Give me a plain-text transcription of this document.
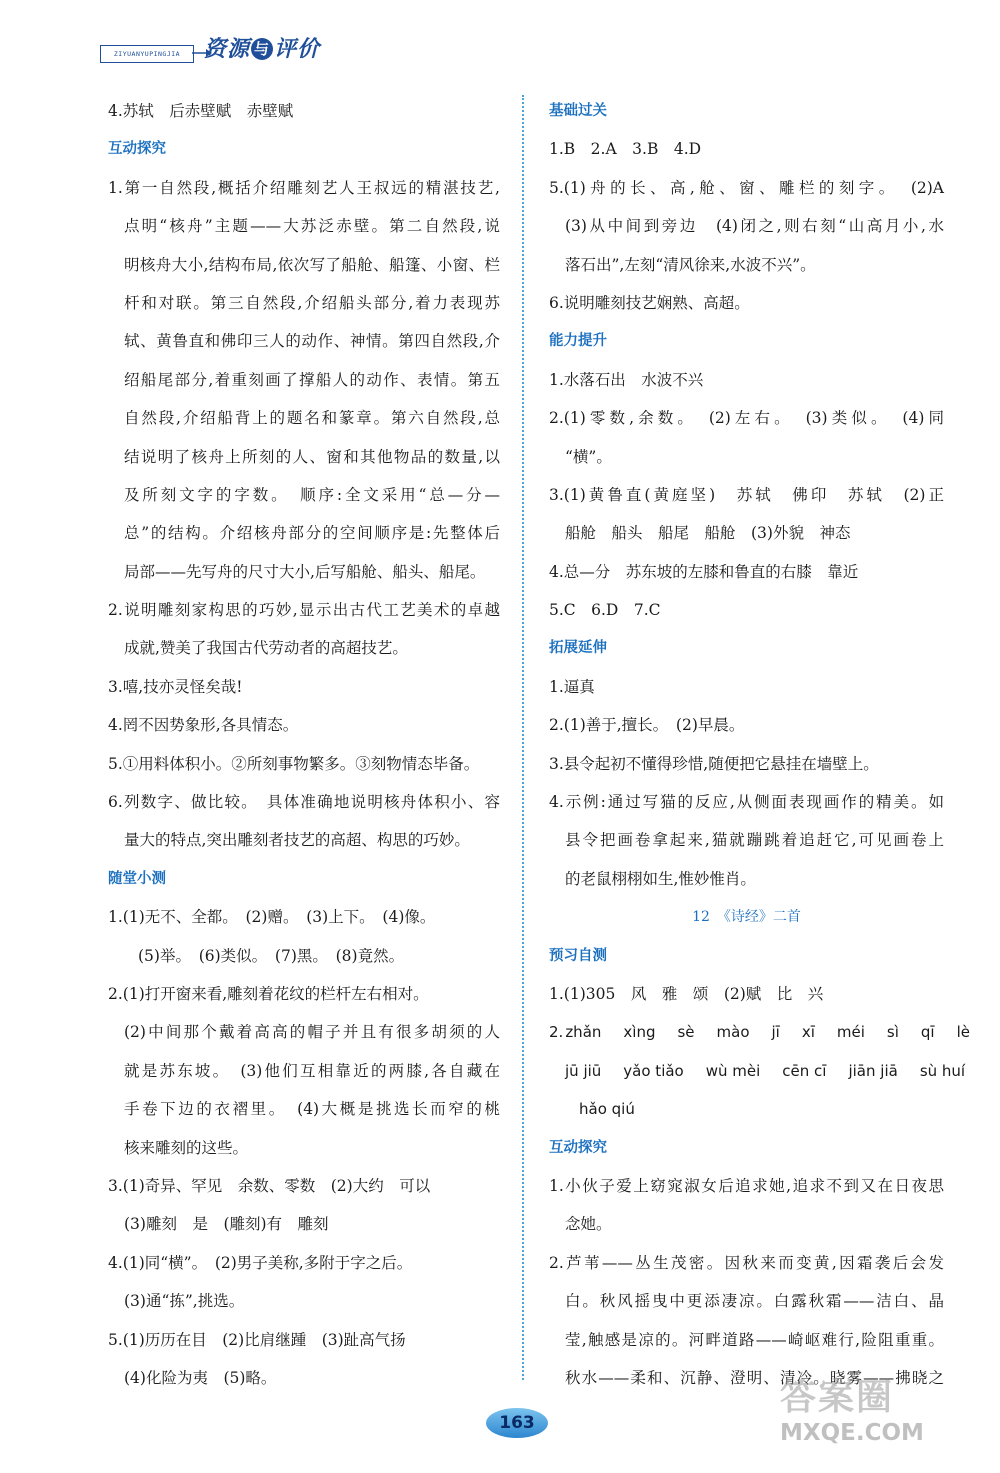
ZIYUANYUPINGJIA	资源 与 评价
4.苏轼　后赤壁赋　赤壁赋
互动探究
1.第一自然段,概括介绍雕刻艺人王叔远的精湛技艺,
点明“核舟”主题——大苏泛赤壁。第二自然段,说
明核舟大小,结构布局,依次写了船舱、船篷、小窗、栏
杆和对联。第三自然段,介绍船头部分,着力表现苏
轼、黄鲁直和佛印三人的动作、神情。第四自然段,介
绍船尾部分,着重刻画了撑船人的动作、表情。第五
自然段,介绍船背上的题名和篆章。第六自然段,总
结说明了核舟上所刻的人、窗和其他物品的数量,以
及所刻文字的字数。　顺序:全文采用“总—分—
总”的结构。介绍核舟部分的空间顺序是:先整体后
局部——先写舟的尺寸大小,后写船舱、船头、船尾。
2.说明雕刻家构思的巧妙,显示出古代工艺美术的卓越
成就,赞美了我国古代劳动者的高超技艺。
3.嘻,技亦灵怪矣哉!
4.罔不因势象形,各具情态。
5.①用料体积小。②所刻事物繁多。③刻物情态毕备。
6.列数字、做比较。　具体准确地说明核舟体积小、容
量大的特点,突出雕刻者技艺的高超、构思的巧妙。
随堂小测
1.(1)无不、全都。　(2)赠。　(3)上下。　(4)像。
(5)举。　(6)类似。　(7)黑。　(8)竟然。
2.(1)打开窗来看,雕刻着花纹的栏杆左右相对。
(2)中间那个戴着高高的帽子并且有很多胡须的人
就是苏东坡。　(3)他们互相靠近的两膝,各自藏在
手卷下边的衣褶里。　(4)大概是挑选长而窄的桃
核来雕刻的这些。
3.(1)奇异、罕见　余数、零数　(2)大约　可以
(3)雕刻　是　(雕刻)有　雕刻
4.(1)同“横”。　(2)男子美称,多附于字之后。
(3)通“拣”,挑选。
5.(1)历历在目　(2)比肩继踵　(3)趾高气扬
(4)化险为夷　(5)略。
基础过关
1.B　2.A　3.B　4.D
5.(1)舟的长、高,舱、窗、雕栏的刻字。　(2)A
(3)从中间到旁边　(4)闭之,则右刻“山高月小,水
落石出”,左刻“清风徐来,水波不兴”。
6.说明雕刻技艺娴熟、高超。
能力提升
1.水落石出　水波不兴
2.(1)零数,余数。　(2)左右。　(3)类似。　(4)同
“横”。
3.(1)黄鲁直(黄庭坚)　苏轼　佛印　苏轼　(2)正
船舱　船头　船尾　船舱　(3)外貌　神态
4.总—分　苏东坡的左膝和鲁直的右膝　靠近
5.C　6.D　7.C
拓展延伸
1.逼真
2.(1)善于,擅长。　(2)早晨。
3.县令起初不懂得珍惜,随便把它悬挂在墙壁上。
4.示例:通过写猫的反应,从侧面表现画作的精美。如
县令把画卷拿起来,猫就蹦跳着追赶它,可见画卷上
的老鼠栩栩如生,惟妙惟肖。
12　《诗经》二首
预习自测
1.(1)305　风　雅　颂　(2)赋　比　兴
2. zhǎn xìng sè mào jī xī méi sì qī lè
jū jiū yǎo tiǎo wù mèi cēn cī jiān jiā sù huí
hǎo qiú
互动探究
1.小伙子爱上窈窕淑女后追求她,追求不到又在日夜思
念她。
2.芦苇——丛生茂密。因秋来而变黄,因霜袭后会发
白。秋风摇曳中更添凄凉。白露秋霜——洁白、晶
莹,触感是凉的。河畔道路——崎岖难行,险阻重重。
秋水——柔和、沉静、澄明、清冷。晓雾——拂晓之
163
答案圈
MXQE.COM
